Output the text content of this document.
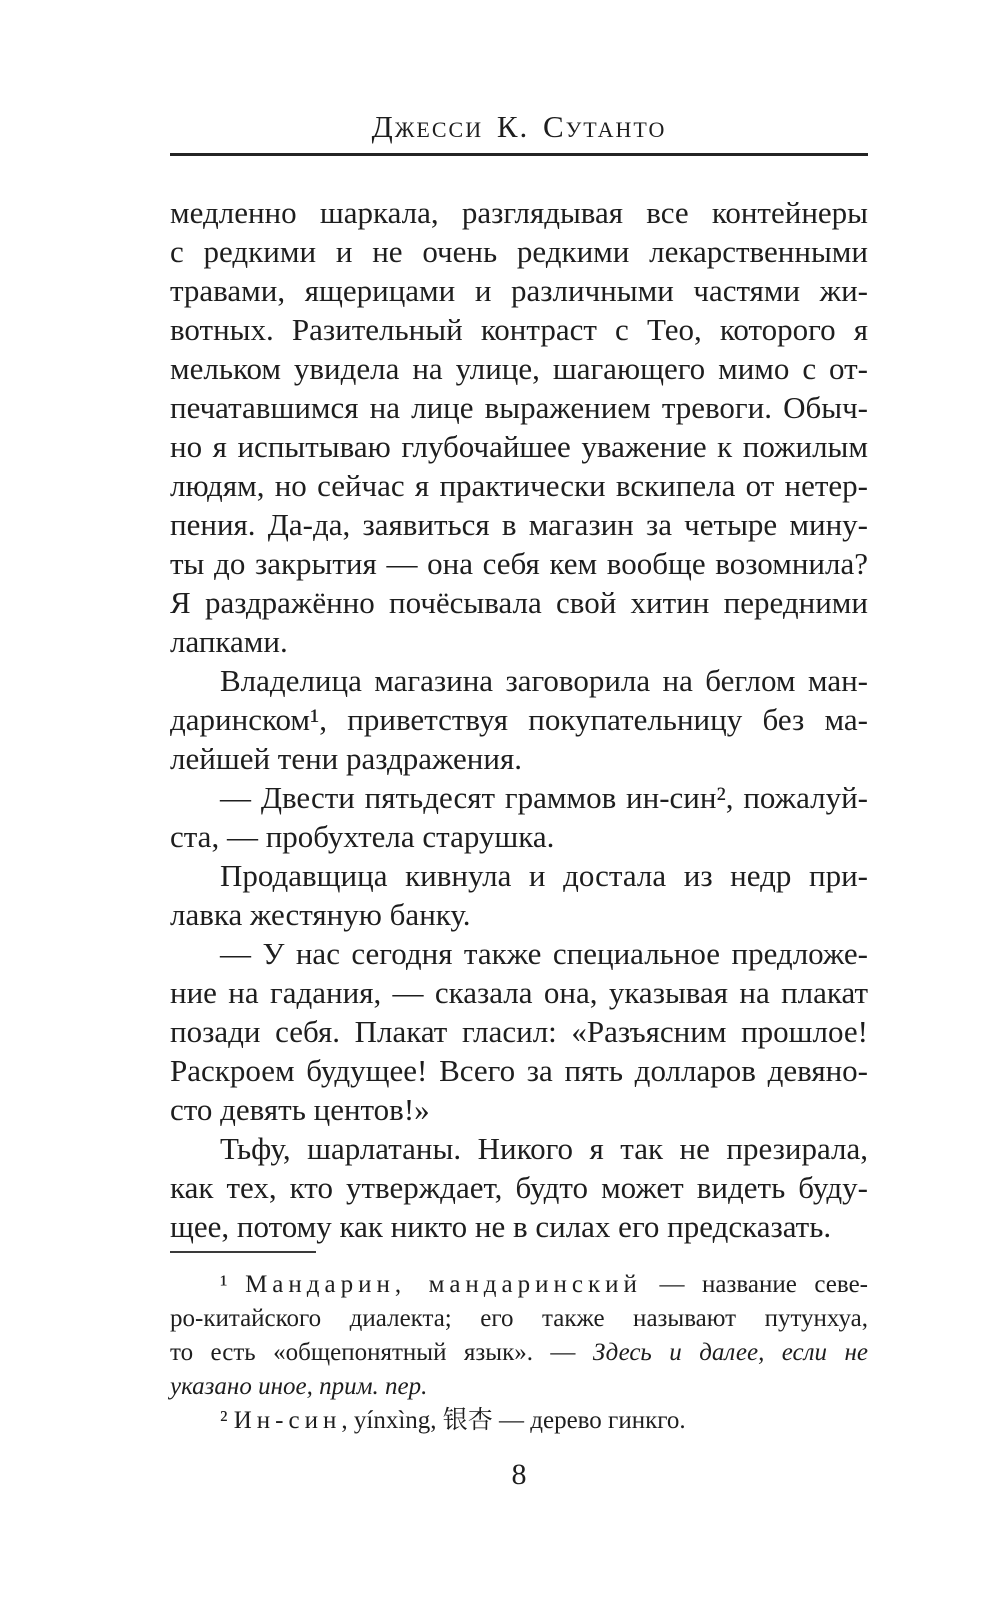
Джесси К. Сутанто
медленно шаркала, разглядывая все контейнеры
с редкими и не очень редкими лекарственными
травами, ящерицами и различными частями жи-
вотных. Разительный контраст с Тео, которого я
мельком увидела на улице, шагающего мимо с от-
печатавшимся на лице выражением тревоги. Обыч-
но я испытываю глубочайшее уважение к пожилым
людям, но сейчас я практически вскипела от нетер-
пения. Да-да, заявиться в магазин за четыре мину-
ты до закрытия — она себя кем вообще возомнила?
Я раздражённо почёсывала свой хитин передними
лапками.
Владелица магазина заговорила на беглом ман-
даринском¹, приветствуя покупательницу без ма-
лейшей тени раздражения.
— Двести пятьдесят граммов ин-син², пожалуй-
ста, — пробухтела старушка.
Продавщица кивнула и достала из недр при-
лавка жестяную банку.
— У нас сегодня также специальное предложе-
ние на гадания, — сказала она, указывая на плакат
позади себя. Плакат гласил: «Разъясним прошлое!
Раскроем будущее! Всего за пять долларов девяно-
сто девять центов!»
Тьфу, шарлатаны. Никого я так не презирала,
как тех, кто утверждает, будто может видеть буду-
щее, потому как никто не в силах его предсказать.
¹ Мандарин, мандаринский — название севе-
ро-китайского диалекта; его также называют путунхуа,
то есть «общепонятный язык». — Здесь и далее, если не
указано иное, прим. пер.
² Ин-син, yínxìng, 银杏 — дерево гинкго.
8
